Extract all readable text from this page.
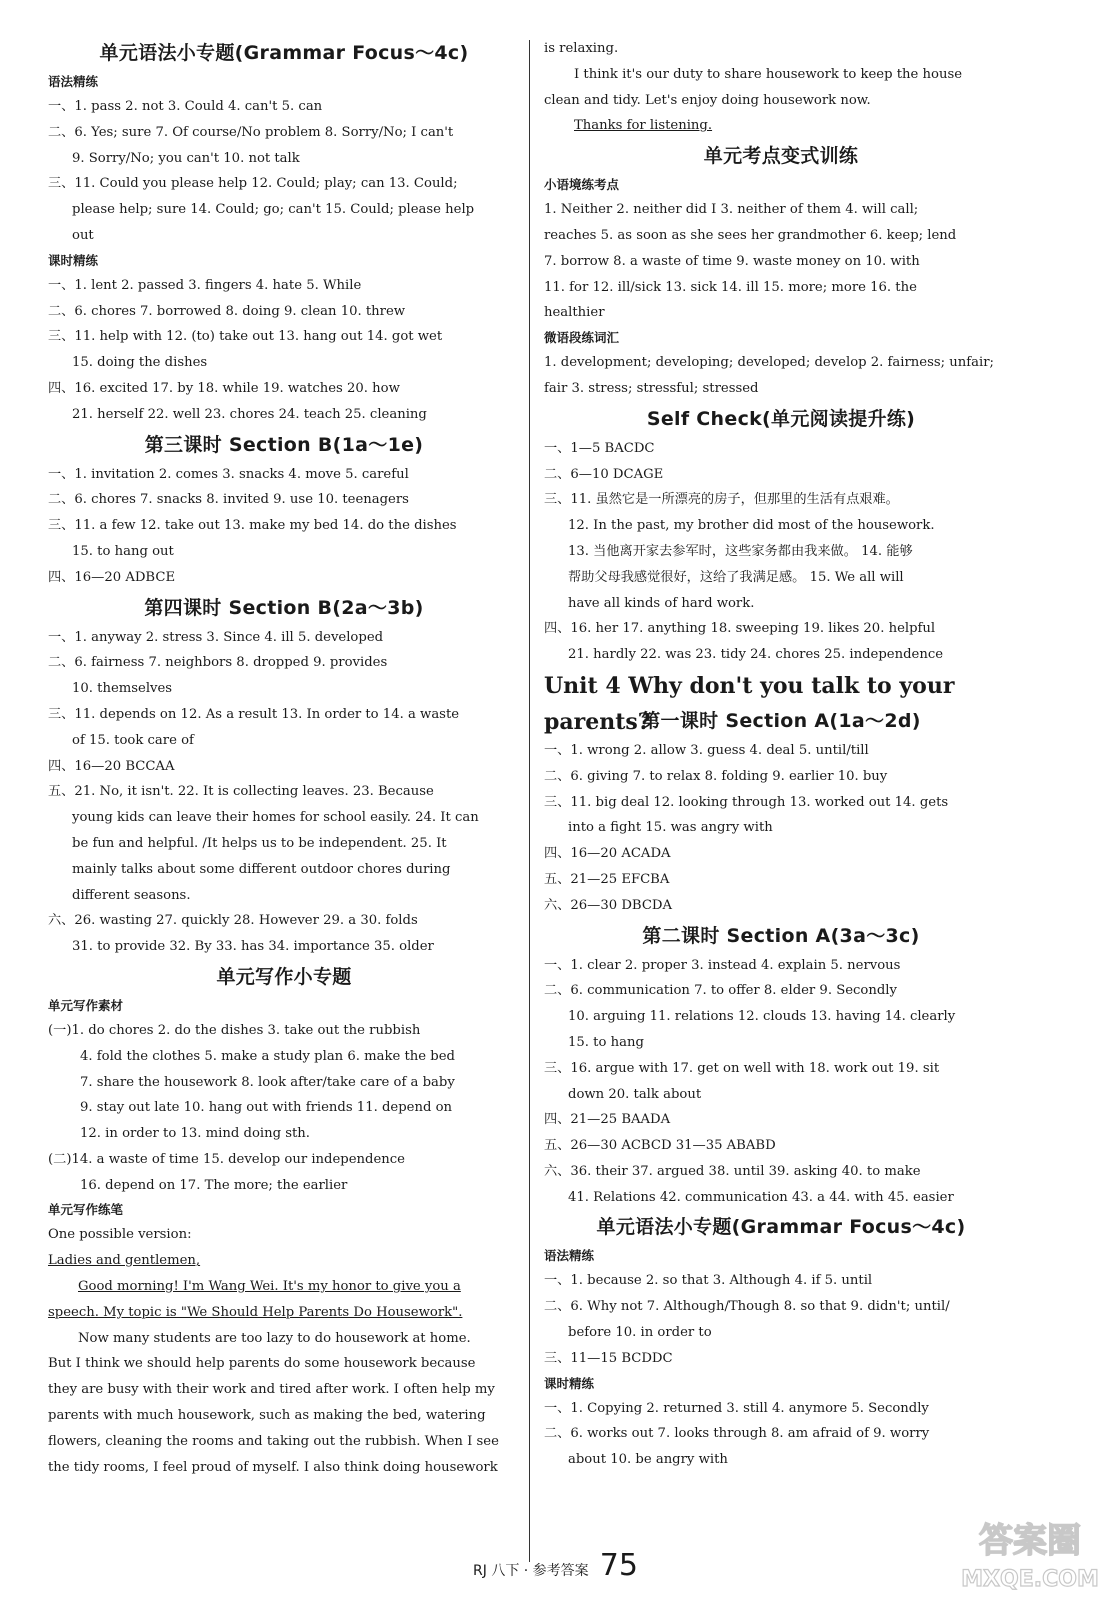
单元语法小专题(Grammar Focus～4c)
语法精练
一、1. pass 2. not 3. Could 4. can't 5. can
二、6. Yes; sure 7. Of course/No problem 8. Sorry/No; I can't
9. Sorry/No; you can't 10. not talk
三、11. Could you please help 12. Could; play; can 13. Could;
please help; sure 14. Could; go; can't 15. Could; please help
out
课时精练
一、1. lent 2. passed 3. fingers 4. hate 5. While
二、6. chores 7. borrowed 8. doing 9. clean 10. threw
三、11. help with 12. (to) take out 13. hang out 14. got wet
15. doing the dishes
四、16. excited 17. by 18. while 19. watches 20. how
21. herself 22. well 23. chores 24. teach 25. cleaning
第三课时 Section B(1a～1e)
一、1. invitation 2. comes 3. snacks 4. move 5. careful
二、6. chores 7. snacks 8. invited 9. use 10. teenagers
三、11. a few 12. take out 13. make my bed 14. do the dishes
15. to hang out
四、16—20 ADBCE
第四课时 Section B(2a～3b)
一、1. anyway 2. stress 3. Since 4. ill 5. developed
二、6. fairness 7. neighbors 8. dropped 9. provides
10. themselves
三、11. depends on 12. As a result 13. In order to 14. a waste
of 15. took care of
四、16—20 BCCAA
五、21. No, it isn't. 22. It is collecting leaves. 23. Because
young kids can leave their homes for school easily. 24. It can
be fun and helpful. /It helps us to be independent. 25. It
mainly talks about some different outdoor chores during
different seasons.
六、26. wasting 27. quickly 28. However 29. a 30. folds
31. to provide 32. By 33. has 34. importance 35. older
单元写作小专题
单元写作素材
(一)1. do chores 2. do the dishes 3. take out the rubbish
4. fold the clothes 5. make a study plan 6. make the bed
7. share the housework 8. look after/take care of a baby
9. stay out late 10. hang out with friends 11. depend on
12. in order to 13. mind doing sth.
(二)14. a waste of time 15. develop our independence
16. depend on 17. The more; the earlier
单元写作练笔
One possible version:
Ladies and gentlemen,
Good morning! I'm Wang Wei. It's my honor to give you a
speech. My topic is "We Should Help Parents Do Housework".
Now many students are too lazy to do housework at home.
But I think we should help parents do some housework because
they are busy with their work and tired after work. I often help my
parents with much housework, such as making the bed, watering
flowers, cleaning the rooms and taking out the rubbish. When I see
the tidy rooms, I feel proud of myself. I also think doing housework
is relaxing.
I think it's our duty to share housework to keep the house
clean and tidy. Let's enjoy doing housework now.
Thanks for listening.
单元考点变式训练
小语境练考点
1. Neither 2. neither did I 3. neither of them 4. will call;
reaches 5. as soon as she sees her grandmother 6. keep; lend
7. borrow 8. a waste of time 9. waste money on 10. with
11. for 12. ill/sick 13. sick 14. ill 15. more; more 16. the
healthier
微语段练词汇
1. development; developing; developed; develop 2. fairness; unfair;
fair 3. stress; stressful; stressed
Self Check(单元阅读提升练)
一、1—5 BACDC
二、6—10 DCAGE
三、11. 虽然它是一所漂亮的房子，但那里的生活有点艰难。
12. In the past, my brother did most of the housework.
13. 当他离开家去参军时，这些家务都由我来做。 14. 能够
帮助父母我感觉很好，这给了我满足感。 15. We all will
have all kinds of hard work.
四、16. her 17. anything 18. sweeping 19. likes 20. helpful
21. hardly 22. was 23. tidy 24. chores 25. independence
Unit 4 Why don't you talk to your parents?
第一课时 Section A(1a～2d)
一、1. wrong 2. allow 3. guess 4. deal 5. until/till
二、6. giving 7. to relax 8. folding 9. earlier 10. buy
三、11. big deal 12. looking through 13. worked out 14. gets
into a fight 15. was angry with
四、16—20 ACADA
五、21—25 EFCBA
六、26—30 DBCDA
第二课时 Section A(3a～3c)
一、1. clear 2. proper 3. instead 4. explain 5. nervous
二、6. communication 7. to offer 8. elder 9. Secondly
10. arguing 11. relations 12. clouds 13. having 14. clearly
15. to hang
三、16. argue with 17. get on well with 18. work out 19. sit
down 20. talk about
四、21—25 BAADA
五、26—30 ACBCD 31—35 ABABD
六、36. their 37. argued 38. until 39. asking 40. to make
41. Relations 42. communication 43. a 44. with 45. easier
单元语法小专题(Grammar Focus～4c)
语法精练
一、1. because 2. so that 3. Although 4. if 5. until
二、6. Why not 7. Although/Though 8. so that 9. didn't; until/
before 10. in order to
三、11—15 BCDDC
课时精练
一、1. Copying 2. returned 3. still 4. anymore 5. Secondly
二、6. works out 7. looks through 8. am afraid of 9. worry
about 10. be angry with
RJ 八下 · 参考答案 75
答案圈
MXQE.COM
